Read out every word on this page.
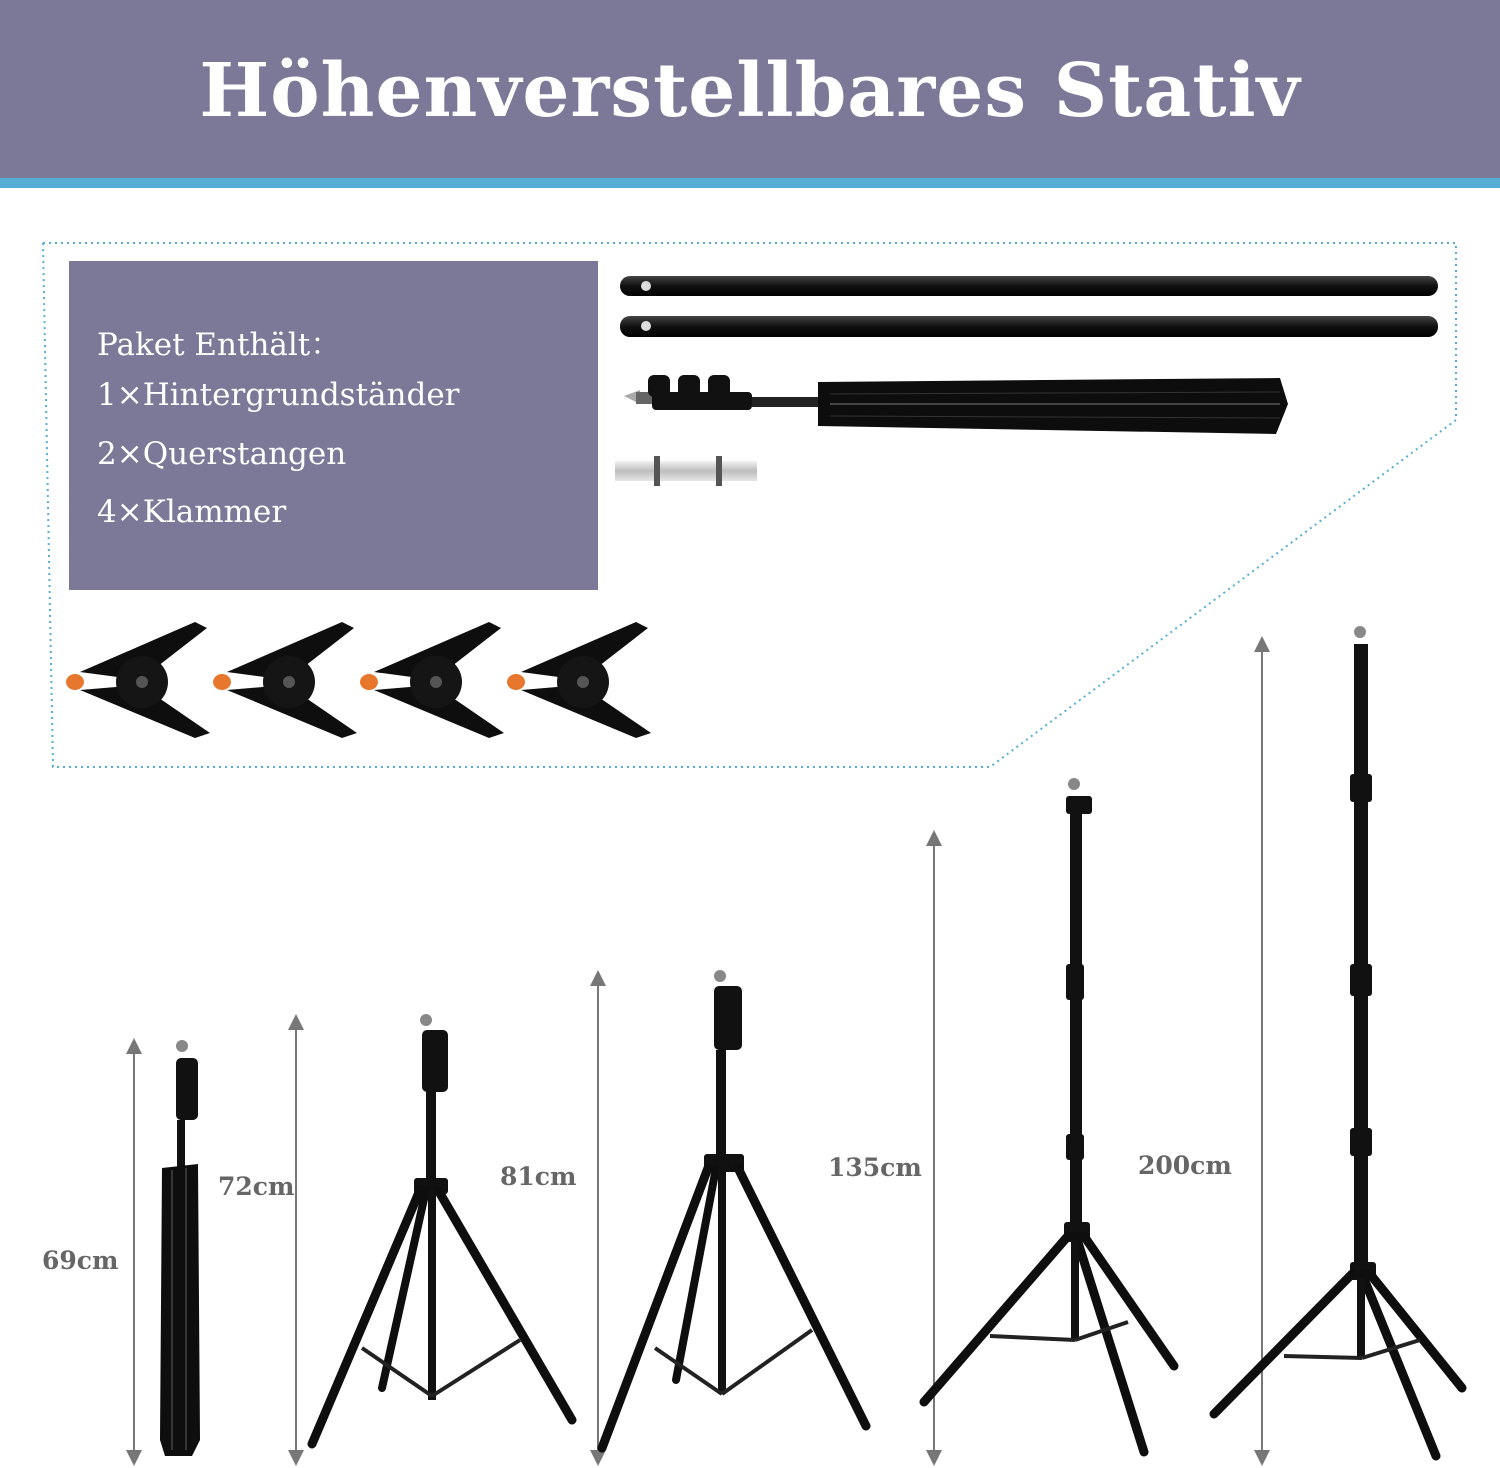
Höhenverstellbares Stativ
Paket Enthält：
1×Hintergrundständer
2×Querstangen
4×Klammer
69cm
72cm	81cm	135cm	200cm
